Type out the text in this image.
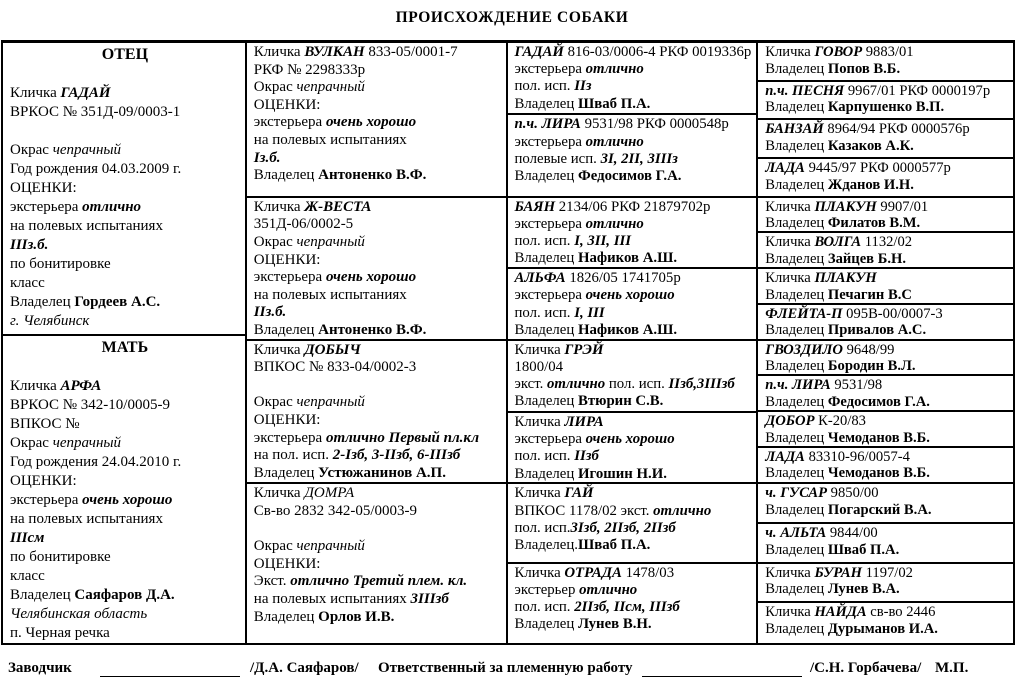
ПРОИСХОЖДЕНИЕ СОБАКИ
ОТЕЦ

Кличка ГАДАЙ
ВРКОС № 351Д-09/0003-1

Окрас чепрачный
Год рождения 04.03.2009 г.
ОЦЕНКИ:
экстерьера отлично
на полевых испытаниях
IIIз.б.
по бонитировке
класс
Владелец Гордеев А.С.
г. Челябинск
МАТЬ

Кличка АРФА
ВРКОС № 342-10/0005-9
ВПКОС №
Окрас чепрачный
Год рождения 24.04.2010 г.
ОЦЕНКИ:
экстерьера очень хорошо
на полевых испытаниях
IIIсм
по бонитировке
класс
Владелец Саяфаров Д.А.
Челябинская область
п. Черная речка
Кличка ВУЛКАН 833-05/0001-7
РКФ № 2298333р
Окрас чепрачный
ОЦЕНКИ:
экстерьера очень хорошо
на полевых испытаниях
Iз.б.
Владелец Антоненко В.Ф.
Кличка Ж-ВЕСТА
351Д-06/0002-5
Окрас чепрачный
ОЦЕНКИ:
экстерьера очень хорошо
на полевых испытаниях
IIз.б.
Владелец Антоненко В.Ф.
Кличка ДОБЫЧ
ВПКОС № 833-04/0002-3

Окрас чепрачный
ОЦЕНКИ:
экстерьера отлично Первый пл.кл
на пол. исп. 2-Iзб, 3-IIзб, 6-IIIзб
Владелец Устюжанинов А.П.
Кличка ДОМРА
Св-во 2832 342-05/0003-9

Окрас чепрачный
ОЦЕНКИ:
Экст. отлично Третий плем. кл.
на полевых испытаниях 3IIIзб
Владелец Орлов И.В.
ГАДАЙ 816-03/0006-4 РКФ 0019336р
экстерьера отлично
пол. исп. IIз
Владелец Шваб П.А.
п.ч. ЛИРА 9531/98 РКФ 0000548р
экстерьера отлично
полевые исп. 3I, 2II, 3IIIз
Владелец Федосимов Г.А.
БАЯН 2134/06 РКФ 21879702р
экстерьера отлично
пол. исп. I, 3II, III
Владелец Нафиков А.Ш.
АЛЬФА 1826/05 1741705р
экстерьера очень хорошо
пол. исп. I, III
Владелец Нафиков А.Ш.
Кличка ГРЭЙ
1800/04
экст. отлично пол. исп. IIзб,3IIIзб
Владелец Втюрин С.В.
Кличка ЛИРА
экстерьера очень хорошо
пол. исп. IIзб
Владелец Игошин Н.И.
Кличка ГАЙ
ВПКОС 1178/02 экст. отлично
пол. исп.3Iзб, 2IIзб, 2IIзб
Владелец.Шваб П.А.
Кличка ОТРАДА 1478/03
экстерьер отлично
пол. исп. 2IIзб, IIсм, IIIзб
Владелец Лунев В.Н.
Кличка ГОВОР 9883/01
Владелец Попов В.Б.
п.ч. ПЕСНЯ 9967/01 РКФ 0000197р
Владелец Карпушенко В.П.
БАНЗАЙ 8964/94 РКФ 0000576р
Владелец Казаков А.К.
ЛАДА 9445/97 РКФ 0000577р
Владелец Жданов И.Н.
Кличка ПЛАКУН 9907/01
Владелец Филатов В.М.
Кличка ВОЛГА 1132/02
Владелец Зайцев Б.Н.
Кличка ПЛАКУН
Владелец Печагин В.С
ФЛЕЙТА-П 095В-00/0007-3
Владелец Привалов А.С.
ГВОЗДИЛО 9648/99
Владелец Бородин В.Л.
п.ч. ЛИРА 9531/98
Владелец Федосимов Г.А.
ДОБОР К-20/83
Владелец Чемоданов В.Б.
ЛАДА 83310-96/0057-4
Владелец Чемоданов В.Б.
ч. ГУСАР 9850/00
Владелец Погарский В.А.
ч. АЛЬТА 9844/00
Владелец Шваб П.А.
Кличка БУРАН 1197/02
Владелец Лунев В.А.
Кличка НАЙДА св-во 2446
Владелец Дурыманов И.А.
Заводчик	/Д.А. Саяфаров/ Ответственный за племенную работу	/С.Н. Горбачева/ М.П.
